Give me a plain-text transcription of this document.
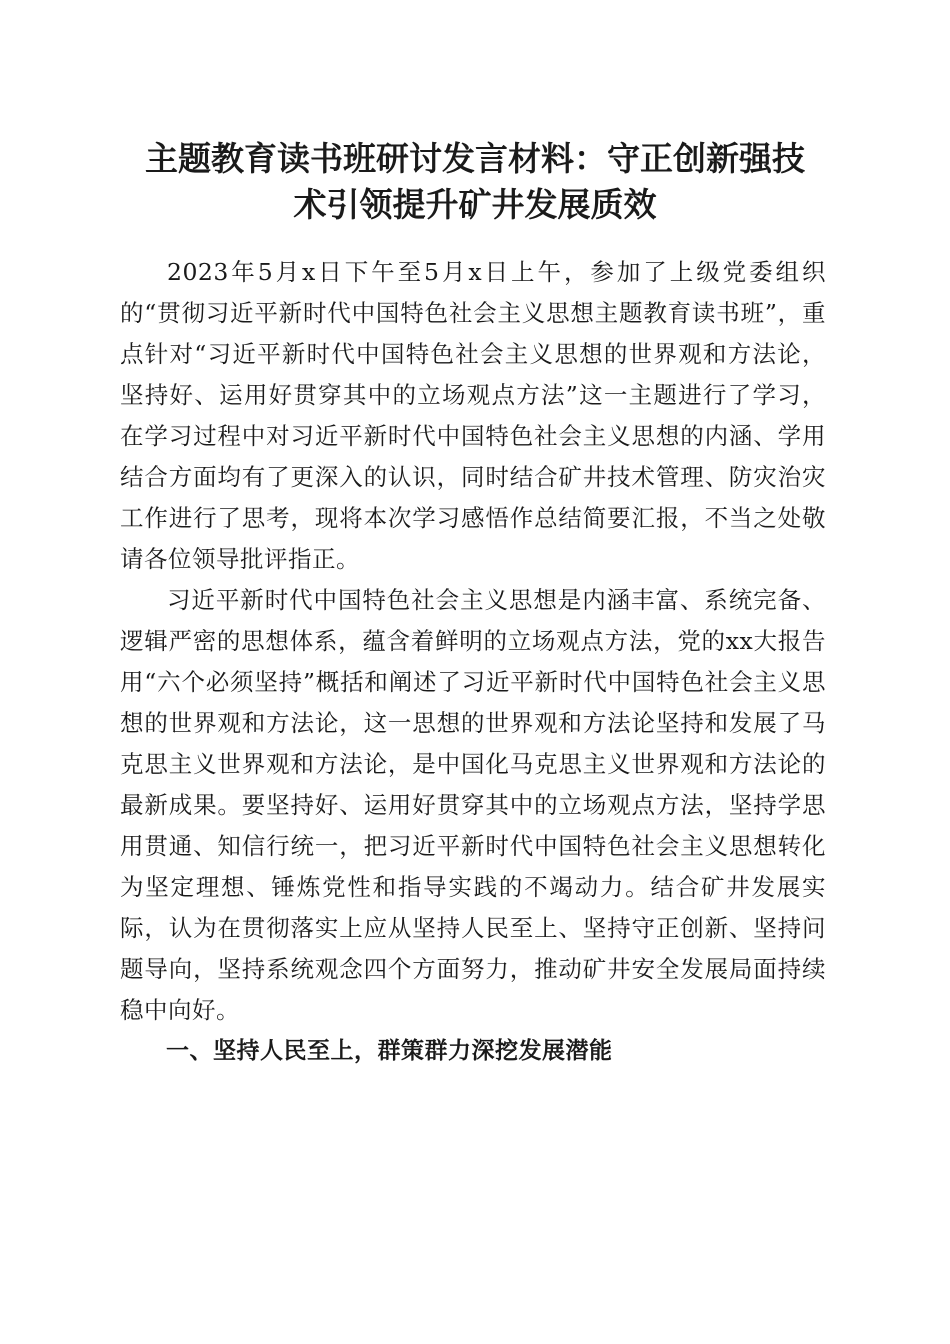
主题教育读书班研讨发言材料：守正创新强技
术引领提升矿井发展质效

2023年5月x日下午至5月x日上午，参加了上级党委组织的“贯彻习近平新时代中国特色社会主义思想主题教育读书班”，重点针对“习近平新时代中国特色社会主义思想的世界观和方法论，坚持好、运用好贯穿其中的立场观点方法”这一主题进行了学习，在学习过程中对习近平新时代中国特色社会主义思想的内涵、学用结合方面均有了更深入的认识，同时结合矿井技术管理、防灾治灾工作进行了思考，现将本次学习感悟作总结简要汇报，不当之处敬请各位领导批评指正。

习近平新时代中国特色社会主义思想是内涵丰富、系统完备、逻辑严密的思想体系，蕴含着鲜明的立场观点方法，党的xx大报告用“六个必须坚持”概括和阐述了习近平新时代中国特色社会主义思想的世界观和方法论，这一思想的世界观和方法论坚持和发展了马克思主义世界观和方法论，是中国化马克思主义世界观和方法论的最新成果。要坚持好、运用好贯穿其中的立场观点方法，坚持学思用贯通、知信行统一，把习近平新时代中国特色社会主义思想转化为坚定理想、锤炼党性和指导实践的不竭动力。结合矿井发展实际，认为在贯彻落实上应从坚持人民至上、坚持守正创新、坚持问题导向，坚持系统观念四个方面努力，推动矿井安全发展局面持续稳中向好。

一、坚持人民至上，群策群力深挖发展潜能
